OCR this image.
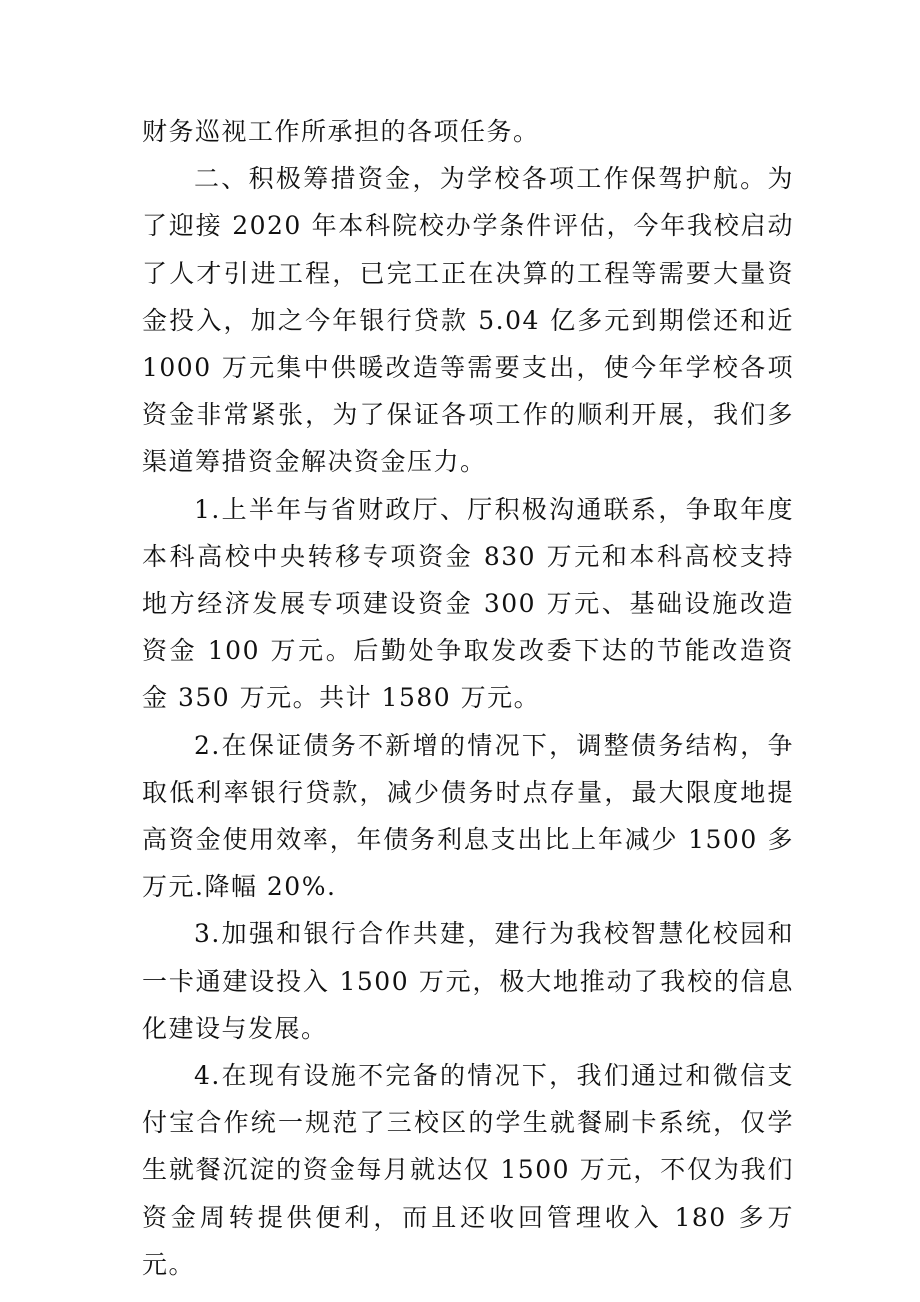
财务巡视工作所承担的各项任务。

二、积极筹措资金，为学校各项工作保驾护航。为了迎接 2020 年本科院校办学条件评估，今年我校启动了人才引进工程，已完工正在决算的工程等需要大量资金投入，加之今年银行贷款 5.04 亿多元到期偿还和近 1000 万元集中供暖改造等需要支出，使今年学校各项资金非常紧张，为了保证各项工作的顺利开展，我们多渠道筹措资金解决资金压力。

1.上半年与省财政厅、厅积极沟通联系，争取年度本科高校中央转移专项资金 830 万元和本科高校支持地方经济发展专项建设资金 300 万元、基础设施改造资金 100 万元。后勤处争取发改委下达的节能改造资金 350 万元。共计 1580 万元。

2.在保证债务不新增的情况下，调整债务结构，争取低利率银行贷款，减少债务时点存量，最大限度地提高资金使用效率，年债务利息支出比上年减少 1500 多万元.降幅 20%.

3.加强和银行合作共建，建行为我校智慧化校园和一卡通建设投入 1500 万元，极大地推动了我校的信息化建设与发展。

4.在现有设施不完备的情况下，我们通过和微信支付宝合作统一规范了三校区的学生就餐刷卡系统，仅学生就餐沉淀的资金每月就达仅 1500 万元，不仅为我们资金周转提供便利，而且还收回管理收入 180 多万元。
